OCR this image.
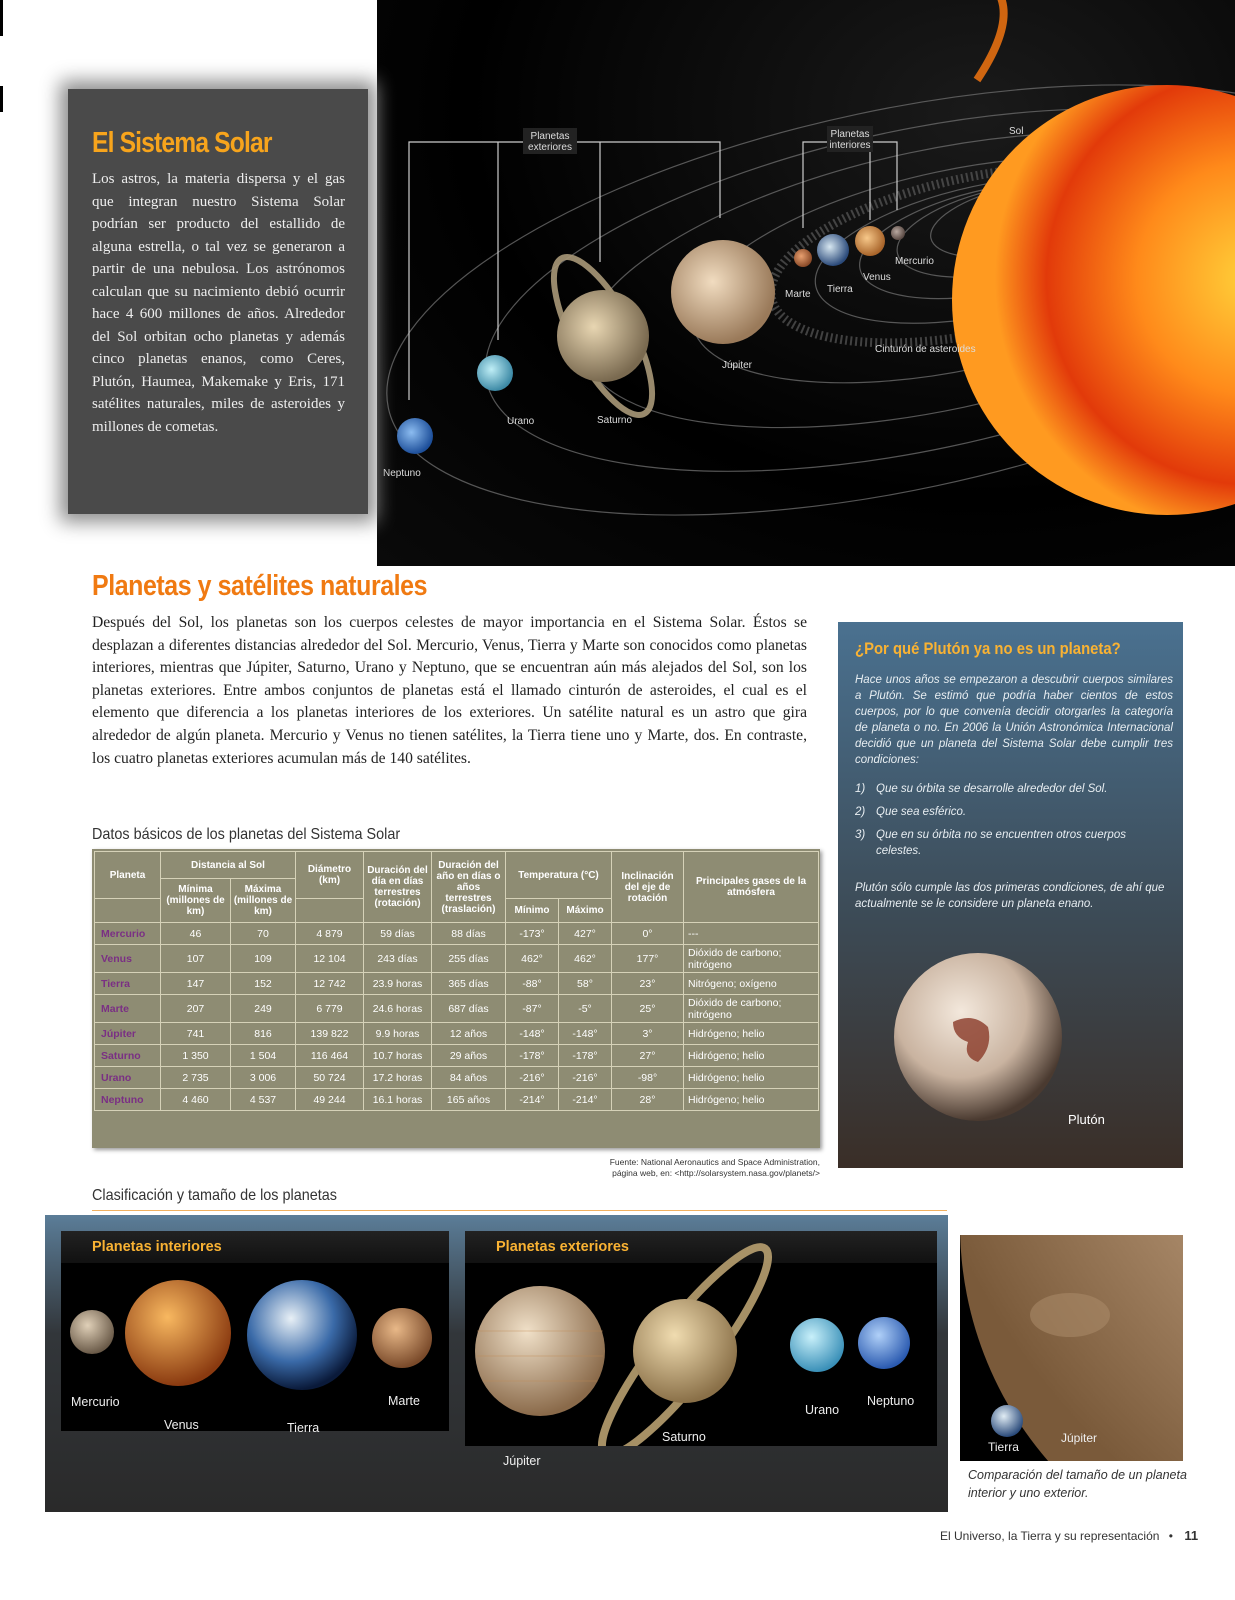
Planetas
exteriores
Planetas
interiores
Sol
Mercurio
Venus
Tierra
Marte
Cinturón de asteroides
Júpiter
Saturno
Urano
Neptuno
El Sistema Solar

Los astros, la materia dispersa y el gas que integran nuestro Sistema Solar podrían ser producto del estallido de alguna estrella, o tal vez se generaron a partir de una nebulosa. Los astrónomos calculan que su nacimiento debió ocurrir hace 4 600 millones de años. Alrededor del Sol orbitan ocho planetas y además cinco planetas enanos, como Ceres, Plutón, Haumea, Makemake y Eris, 171 satélites naturales, miles de asteroides y millones de cometas.

Planetas y satélites naturales
Después del Sol, los planetas son los cuerpos celestes de mayor importancia en el Sistema Solar. Éstos se desplazan a diferentes distancias alrededor del Sol. Mercurio, Venus, Tierra y Marte son conocidos como planetas interiores, mientras que Júpiter, Saturno, Urano y Neptuno, que se encuentran aún más alejados del Sol, son los planetas exteriores. Entre ambos conjuntos de planetas está el llamado cinturón de asteroides, el cual es el elemento que diferencia a los planetas interiores de los exteriores. Un satélite natural es un astro que gira alrededor de algún planeta. Mercurio y Venus no tienen satélites, la Tierra tiene uno y Marte, dos. En contraste, los cuatro planetas exteriores acumulan más de 140 satélites.
¿Por qué Plutón ya no es un planeta?
Hace unos años se empezaron a descubrir cuerpos similares a Plutón. Se estimó que podría haber cientos de estos cuerpos, por lo que convenía decidir otorgarles la categoría de planeta o no. En 2006 la Unión Astronómica Internacional decidió que un planeta del Sistema Solar debe cumplir tres condiciones:
1) Que su órbita se desarrolle alrededor del Sol.
2) Que sea esférico.
3) Que en su órbita no se encuentren otros cuerpos celestes.
Plutón sólo cumple las dos primeras condiciones, de ahí que actualmente se le considere un planeta enano.
Plutón
Datos básicos de los planetas del Sistema Solar
Planeta	Distancia al Sol		Diámetro (km)	Duración del día en días terrestres (rotación)	Duración del año en días o años terrestres (traslación)	Temperatura (°C)		Inclinación del eje de rotación	Principales gases de la atmósfera
	Mínima (millones de km)	Máxima (millones de km)							
						Mínimo	Máximo		
Mercurio	46	70	4 879	59 días	88 días	-173°	427°	0°	---
Venus	107	109	12 104	243 días	255 días	462°	462°	177°	Dióxido de carbono; nitrógeno
Tierra	147	152	12 742	23.9 horas	365 días	-88°	58°	23°	Nitrógeno; oxígeno
Marte	207	249	6 779	24.6 horas	687 días	-87°	-5°	25°	Dióxido de carbono; nitrógeno
Júpiter	741	816	139 822	9.9 horas	12 años	-148°	-148°	3°	Hidrógeno; helio
Saturno	1 350	1 504	116 464	10.7 horas	29 años	-178°	-178°	27°	Hidrógeno; helio
Urano	2 735	3 006	50 724	17.2 horas	84 años	-216°	-216°	-98°	Hidrógeno; helio
Neptuno	4 460	4 537	49 244	16.1 horas	165 años	-214°	-214°	28°	Hidrógeno; helio
Fuente: National Aeronautics and Space Administration,
página web, en: <http://solarsystem.nasa.gov/planets/>
Clasificación y tamaño de los planetas
Planetas interiores
Mercurio
Venus	Tierra
Marte
Planetas exteriores
Júpiter
Saturno
Urano
Neptuno
Tierra
Júpiter
Comparación del tamaño de un planeta interior y uno exterior.
El Universo, la Tierra y su representación • 11
